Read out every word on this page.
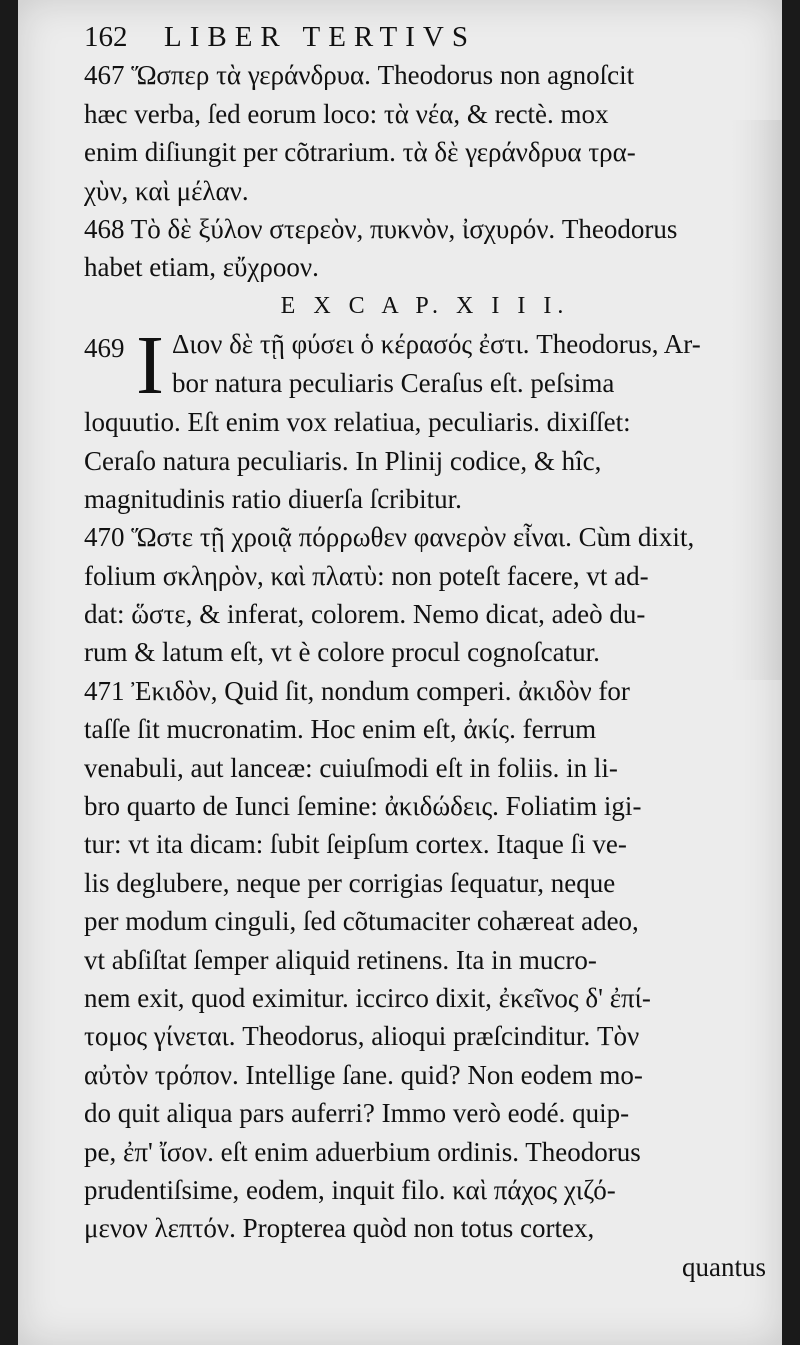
162	LIBER TERTIVS
467 Ὥσπερ τὰ γεράνδρυα. Theodorus non agnoſcit
hæc verba, ſed eorum loco: τὰ νέα, & rectè. mox
enim diſiungit per cõtrarium. τὰ δὲ γεράνδρυα τρα-
χὺν, καὶ μέλαν.
468 Τὸ δὲ ξύλον στερεὸν, πυκνὸν, ἰσχυρόν. Theodorus
habet etiam, εὔχροον.
E X C A P. X I I I.
469 I Διον δὲ τῇ φύσει ὁ κέρασός ἐστι. Theodorus, Ar-
bor natura peculiaris Ceraſus eſt. peſsima
loquutio. Eſt enim vox relatiua, peculiaris. dixiſſet:
Ceraſo natura peculiaris. In Plinij codice, & hîc,
magnitudinis ratio diuerſa ſcribitur.
470 Ὥστε τῇ χροιᾷ πόρρωθεν φανερὸν εἶναι. Cùm dixit,
folium σκληρὸν, καὶ πλατὺ: non poteſt facere, vt ad-
dat: ὥστε, & inferat, colorem. Nemo dicat, adeò du-
rum & latum eſt, vt è colore procul cognoſcatur.
471 Ἐκιδὸν, Quid ſit, nondum comperi. ἀκιδὸν for
taſſe ſit mucronatim. Hoc enim eſt, ἀκίς. ferrum
venabuli, aut lanceæ: cuiuſmodi eſt in foliis. in li-
bro quarto de Iunci ſemine: ἀκιδώδεις. Foliatim igi-
tur: vt ita dicam: ſubit ſeipſum cortex. Itaque ſi ve-
lis deglubere, neque per corrigias ſequatur, neque
per modum cinguli, ſed cõtumaciter cohæreat adeo,
vt abſiſtat ſemper aliquid retinens. Ita in mucro-
nem exit, quod eximitur. iccirco dixit, ἐκεῖνος δ' ἐπί-
τομος γίνεται. Theodorus, alioqui præſcinditur. Τὸν
αὐτὸν τρόπον. Intellige ſane. quid? Non eodem mo-
do quit aliqua pars auferri? Immo verò eodé. quip-
pe, ἐπ' ἴσον. eſt enim aduerbium ordinis. Theodorus
prudentiſsime, eodem, inquit filo. καὶ πάχος χιζό-
μενον λεπτόν. Propterea quòd non totus cortex,
quantus
